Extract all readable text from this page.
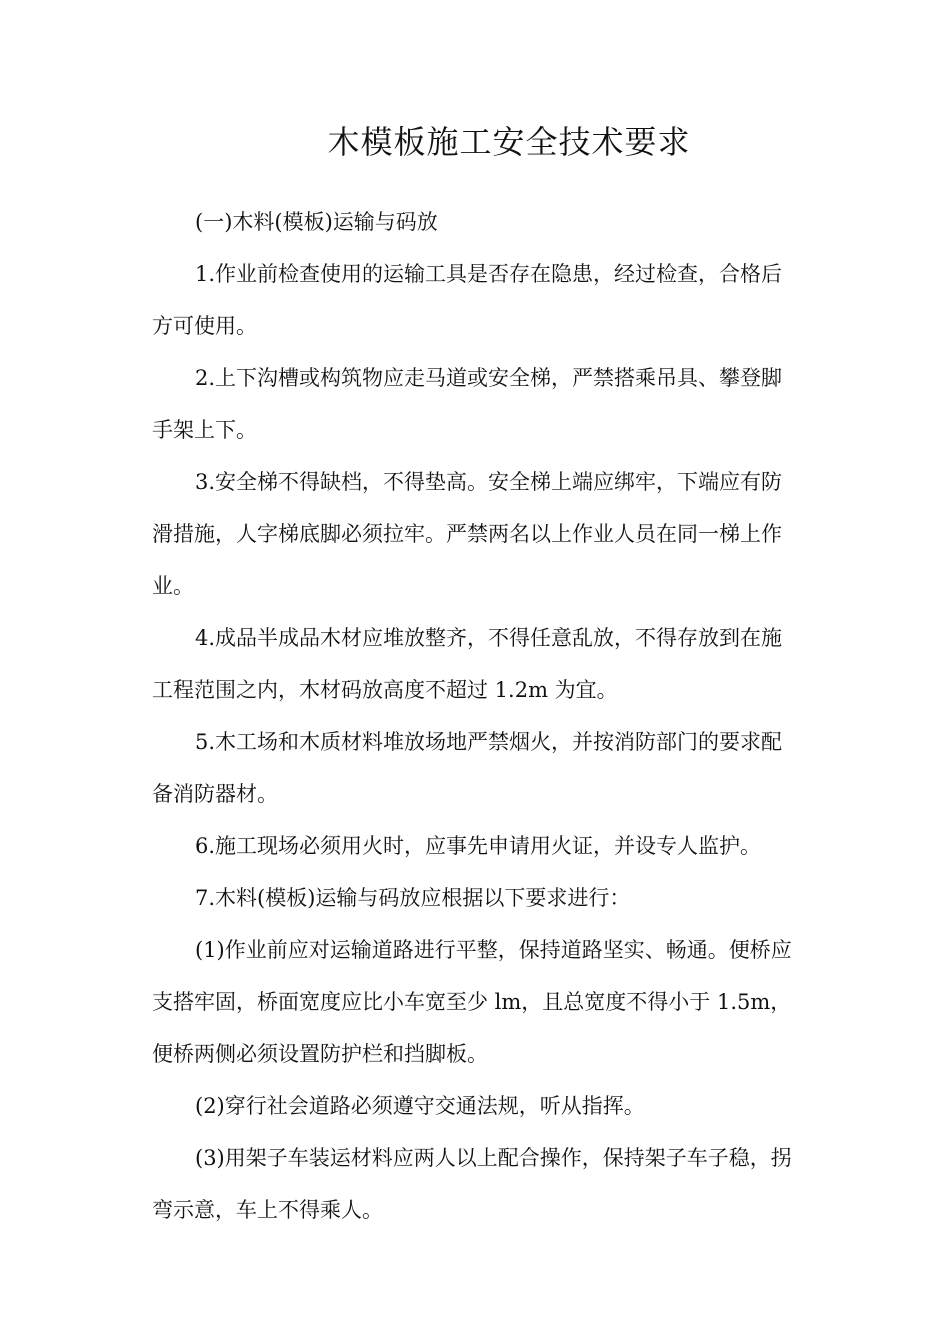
木模板施工安全技术要求

(一)木料(模板)运输与码放

1.作业前检查使用的运输工具是否存在隐患，经过检查，合格后方可使用。

2.上下沟槽或构筑物应走马道或安全梯，严禁搭乘吊具、攀登脚手架上下。

3.安全梯不得缺档，不得垫高。安全梯上端应绑牢，下端应有防滑措施，人字梯底脚必须拉牢。严禁两名以上作业人员在同一梯上作业。

4.成品半成品木材应堆放整齐，不得任意乱放，不得存放到在施工程范围之内，木材码放高度不超过 1.2m 为宜。

5.木工场和木质材料堆放场地严禁烟火，并按消防部门的要求配备消防器材。

6.施工现场必须用火时，应事先申请用火证，并设专人监护。

7.木料(模板)运输与码放应根据以下要求进行：

(1)作业前应对运输道路进行平整，保持道路坚实、畅通。便桥应支搭牢固，桥面宽度应比小车宽至少 lm，且总宽度不得小于 1.5m，便桥两侧必须设置防护栏和挡脚板。

(2)穿行社会道路必须遵守交通法规，听从指挥。

(3)用架子车装运材料应两人以上配合操作，保持架子车子稳，拐弯示意，车上不得乘人。
